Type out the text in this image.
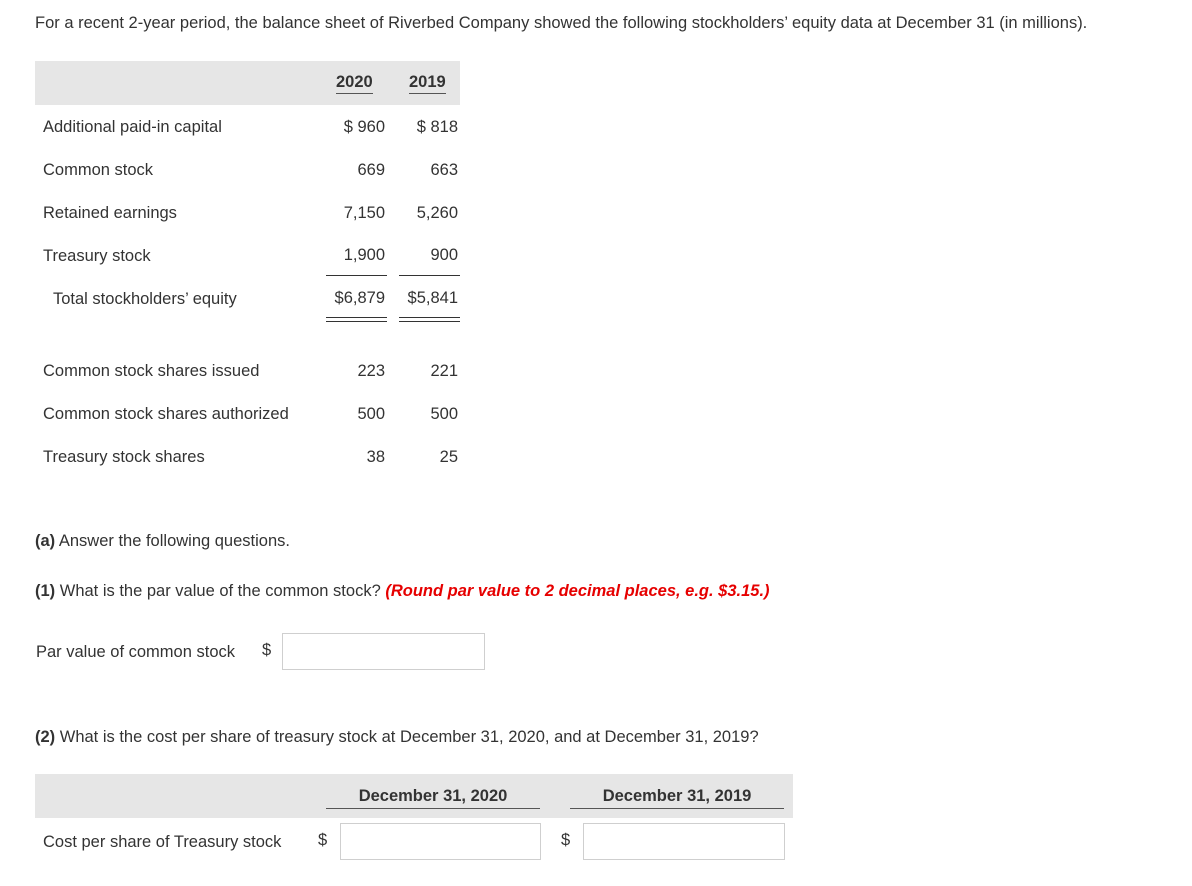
For a recent 2-year period, the balance sheet of Riverbed Company showed the following stockholders’ equity data at December 31 (in millions).
2020 2019
Additional paid-in capital	$ 960 $ 818
Common stock	669	663
Retained earnings	7,150 5,260
Treasury stock	1,900	900
Total stockholders’ equity	$6,879 $5,841
Common stock shares issued	223	221
Common stock shares authorized	500	500
Treasury stock shares	38	25
(a) Answer the following questions.
(1) What is the par value of the common stock? (Round par value to 2 decimal places, e.g. $3.15.)
Par value of common stock $
(2) What is the cost per share of treasury stock at December 31, 2020, and at December 31, 2019?
December 31, 2020	December 31, 2019
Cost per share of Treasury stock $	$
